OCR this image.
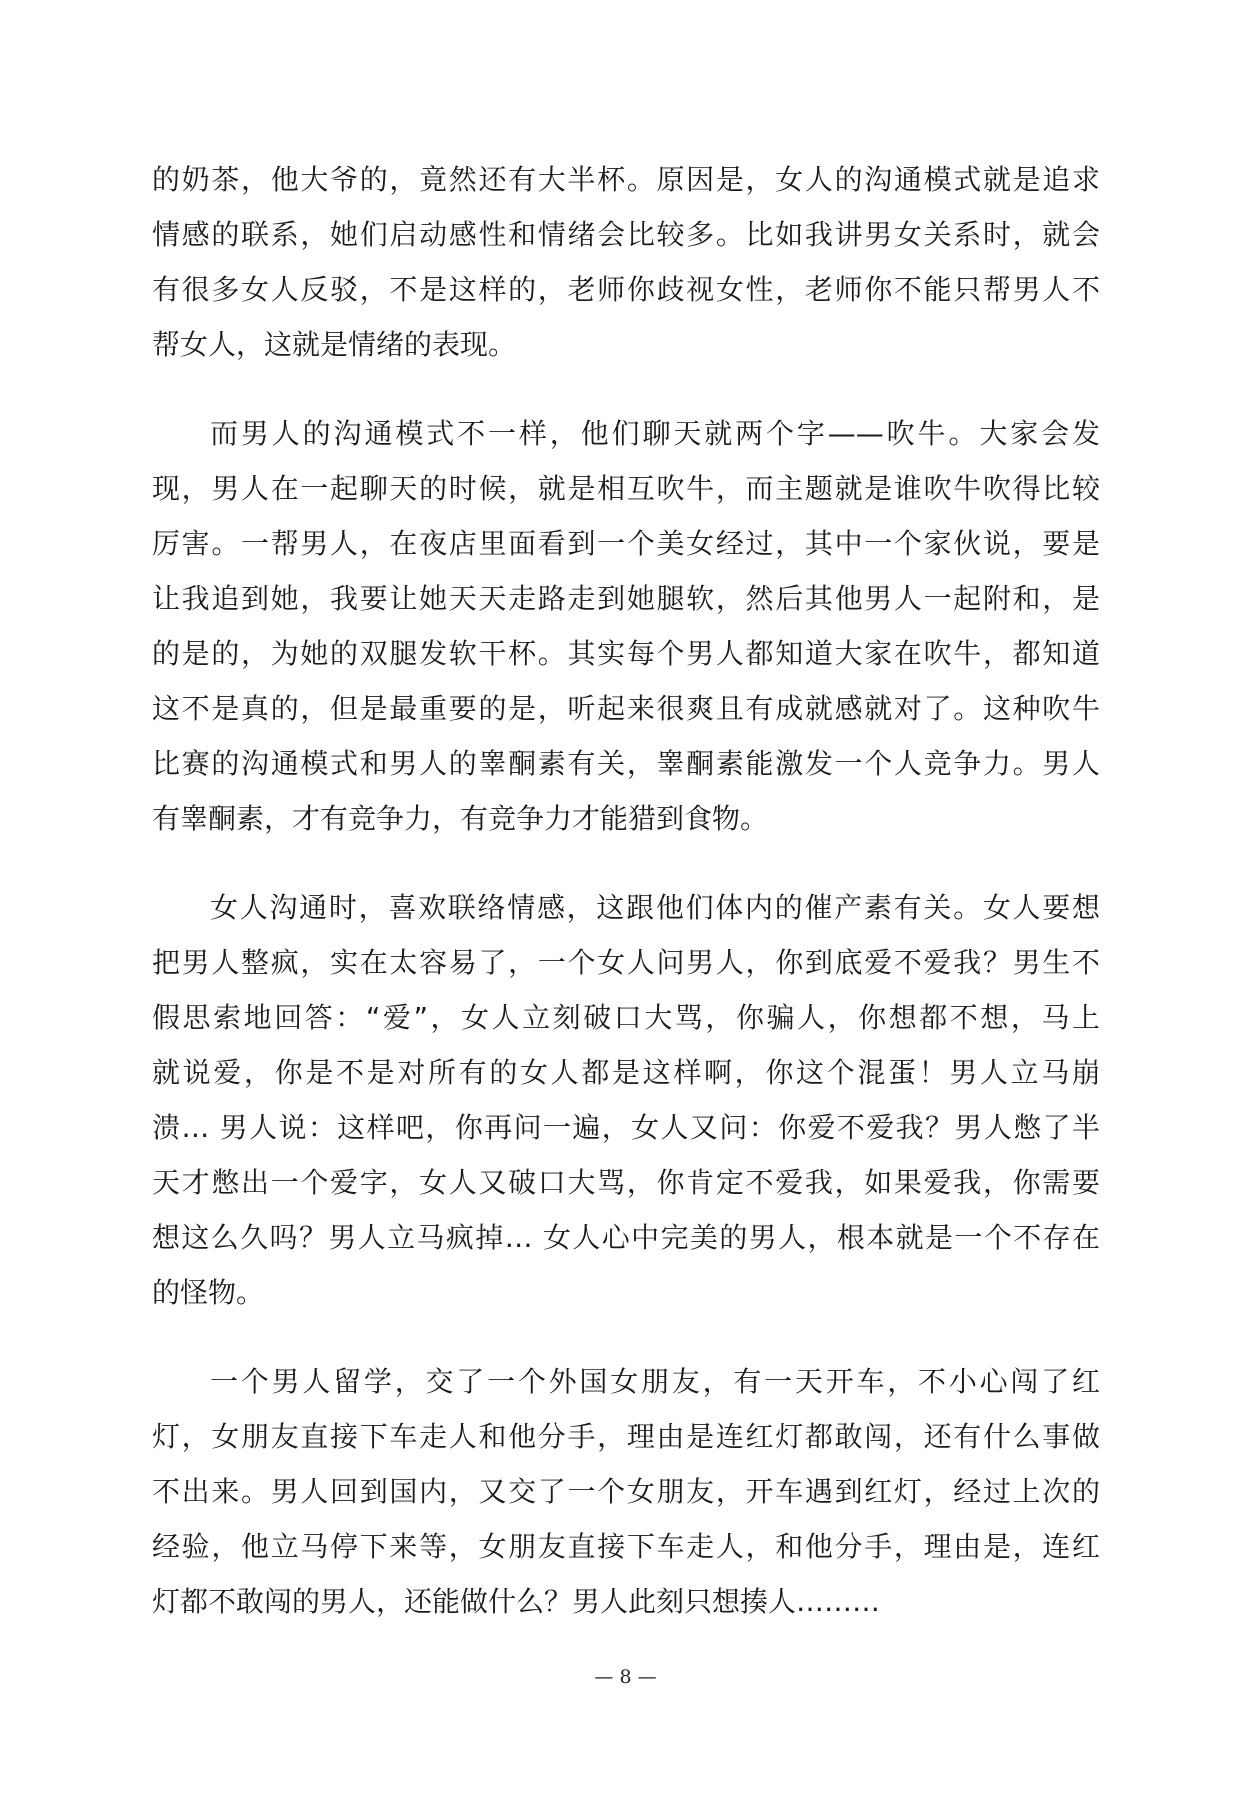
的奶茶，他大爷的，竟然还有大半杯。原因是，女人的沟通模式就是追求
情感的联系，她们启动感性和情绪会比较多。比如我讲男女关系时，就会
有很多女人反驳，不是这样的，老师你歧视女性，老师你不能只帮男人不
帮女人，这就是情绪的表现。
而男人的沟通模式不一样，他们聊天就两个字——吹牛。大家会发
现，男人在一起聊天的时候，就是相互吹牛，而主题就是谁吹牛吹得比较
厉害。一帮男人，在夜店里面看到一个美女经过，其中一个家伙说，要是
让我追到她，我要让她天天走路走到她腿软，然后其他男人一起附和，是
的是的，为她的双腿发软干杯。其实每个男人都知道大家在吹牛，都知道
这不是真的，但是最重要的是，听起来很爽且有成就感就对了。这种吹牛
比赛的沟通模式和男人的睾酮素有关，睾酮素能激发一个人竞争力。男人
有睾酮素，才有竞争力，有竞争力才能猎到食物。
女人沟通时，喜欢联络情感，这跟他们体内的催产素有关。女人要想
把男人整疯，实在太容易了，一个女人问男人，你到底爱不爱我？男生不
假思索地回答：“爱”，女人立刻破口大骂，你骗人，你想都不想，马上
就说爱，你是不是对所有的女人都是这样啊，你这个混蛋！男人立马崩
溃… 男人说：这样吧，你再问一遍，女人又问：你爱不爱我？男人憋了半
天才憋出一个爱字，女人又破口大骂，你肯定不爱我，如果爱我，你需要
想这么久吗？男人立马疯掉… 女人心中完美的男人，根本就是一个不存在
的怪物。
一个男人留学，交了一个外国女朋友，有一天开车，不小心闯了红
灯，女朋友直接下车走人和他分手，理由是连红灯都敢闯，还有什么事做
不出来。男人回到国内，又交了一个女朋友，开车遇到红灯，经过上次的
经验，他立马停下来等，女朋友直接下车走人，和他分手，理由是，连红
灯都不敢闯的男人，还能做什么？男人此刻只想揍人………
— 8 —
